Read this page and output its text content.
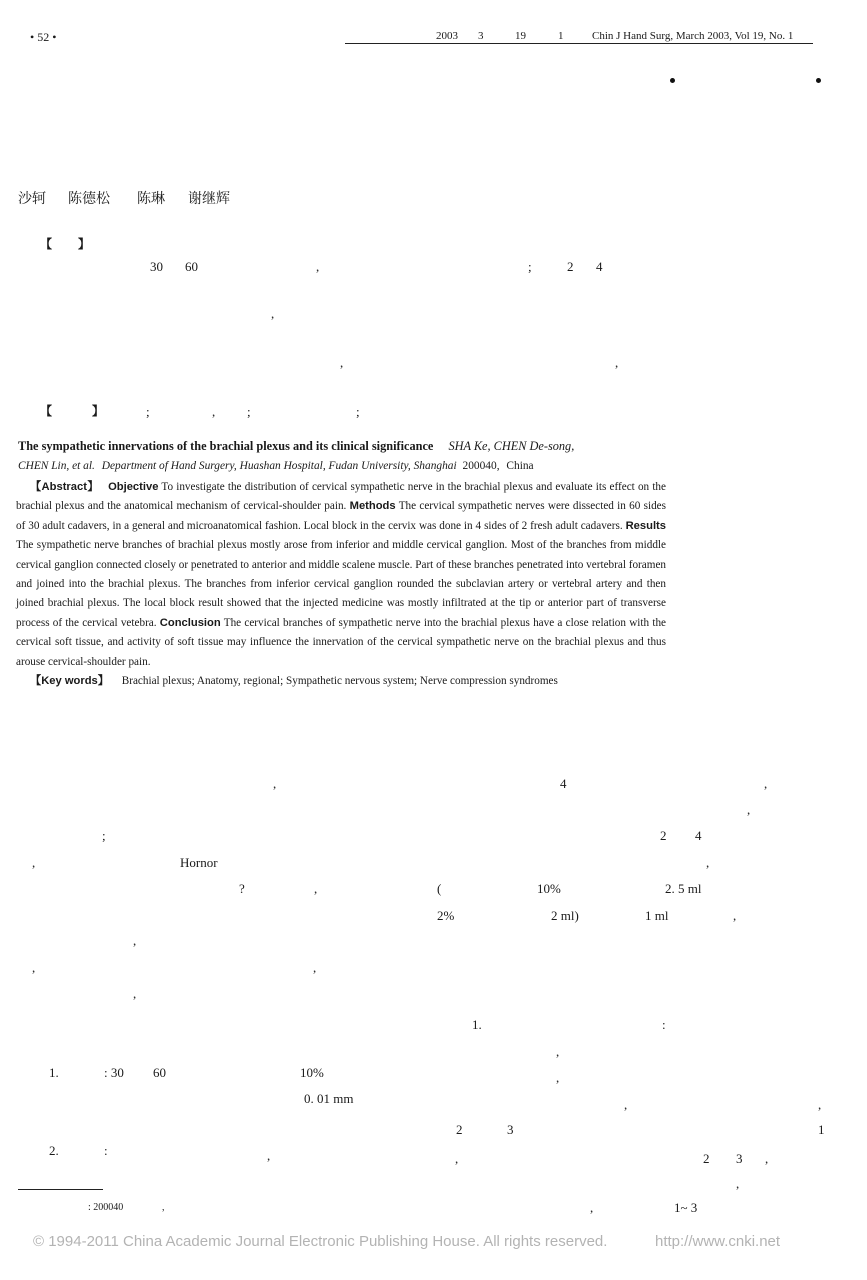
• 52 •	2003 3	19	1	Chin J Hand Surg, March 2003, Vol 19, No. 1
沙轲 陈德松 陈琳 谢继辉
【 】
30 60	,	;	2 4
,
,	,
【	】	;	, ;	;
The sympathetic innervations of the brachial plexus and its clinical significance SHA Ke, CHEN De-song,
CHEN Lin, et al. Department of Hand Surgery, Huashan Hospital, Fudan University, Shanghai 200040, China
【Abstract】 Objective To investigate the distribution of cervical sympathetic nerve in the brachial plexus and evaluate its effect on the brachial plexus and the anatomical mechanism of cervical-shoulder pain. Methods The cervical sympathetic nerves were dissected in 60 sides of 30 adult cadavers, in a general and microanatomical fashion. Local block in the cervix was done in 4 sides of 2 fresh adult cadavers. Results The sympathetic nerve branches of brachial plexus mostly arose from inferior and middle cervical ganglion. Most of the branches from middle cervical ganglion connected closely or penetrated to anterior and middle scalene muscle. Part of these branches penetrated into vertebral foramen and joined into the brachial plexus. The branches from inferior cervical ganglion rounded the subclavian artery or vertebral artery and then joined brachial plexus. The local block result showed that the injected medicine was mostly infiltrated at the tip or anterior part of transverse process of the cervical vetebra. Conclusion The cervical branches of sympathetic nerve into the brachial plexus have a close relation with the cervical soft tissue, and activity of soft tissue may influence the innervation of the cervical sympathetic nerve on the brachial plexus and thus arouse cervical-shoulder pain.
【Key words】 Brachial plexus; Anatomy, regional; Sympathetic nervous system; Nerve compression syndromes
,	4	,
,
;	2 4
,	Hornor	,
?	,	(	10%	2. 5 ml
2%	2 ml)	1 ml	,
,
,	,
,
1.	:
,
1.	: 30 60	10%	,
0. 01 mm	,	,
2	3	1
2.	:	,	,	2 3 ,
,
: 200040	,	,	1~ 3
© 1994-2011 China Academic Journal Electronic Publishing House. All rights reserved.	http://www.cnki.net
